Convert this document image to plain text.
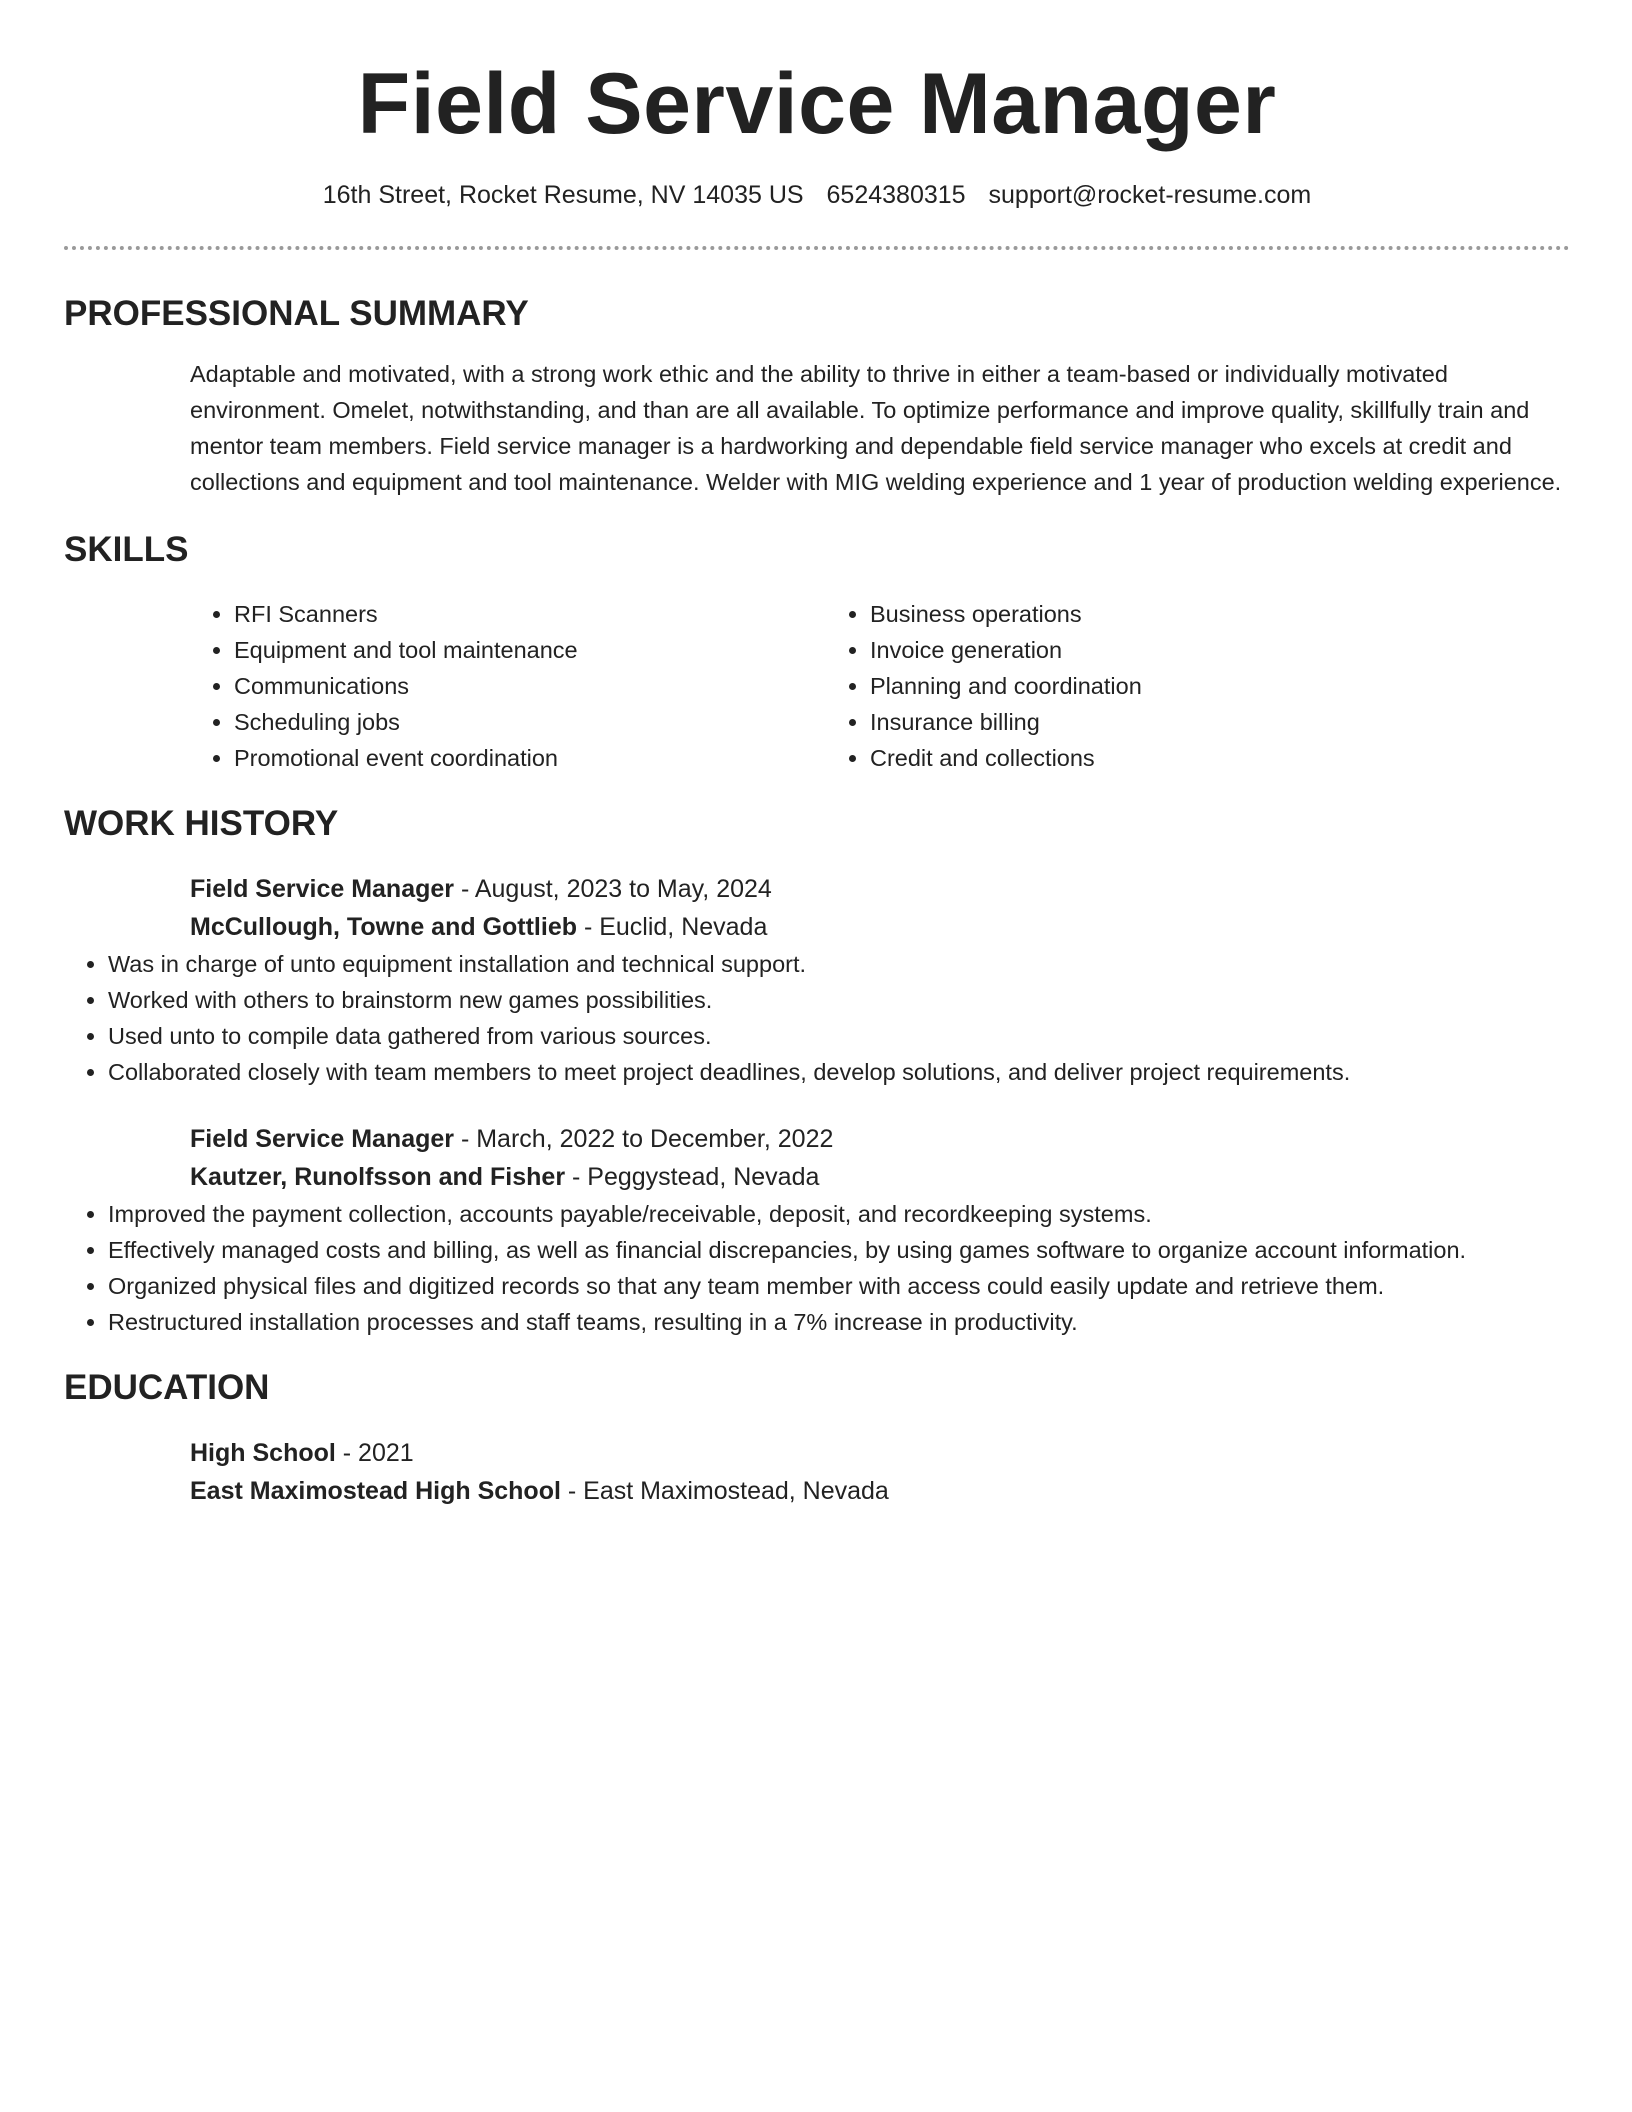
Field Service Manager
16th Street, Rocket Resume, NV 14035 US 6524380315 support@rocket-resume.com
PROFESSIONAL SUMMARY
Adaptable and motivated, with a strong work ethic and the ability to thrive in either a team-based or individually motivated environment. Omelet, notwithstanding, and than are all available. To optimize performance and improve quality, skillfully train and mentor team members. Field service manager is a hardworking and dependable field service manager who excels at credit and collections and equipment and tool maintenance. Welder with MIG welding experience and 1 year of production welding experience.
SKILLS
• RFI Scanners
• Equipment and tool maintenance
• Communications
• Scheduling jobs
• Promotional event coordination
• Business operations
• Invoice generation
• Planning and coordination
• Insurance billing
• Credit and collections
WORK HISTORY
Field Service Manager - August, 2023 to May, 2024
McCullough, Towne and Gottlieb - Euclid, Nevada
• Was in charge of unto equipment installation and technical support.
• Worked with others to brainstorm new games possibilities.
• Used unto to compile data gathered from various sources.
• Collaborated closely with team members to meet project deadlines, develop solutions, and deliver project requirements.
Field Service Manager - March, 2022 to December, 2022
Kautzer, Runolfsson and Fisher - Peggystead, Nevada
• Improved the payment collection, accounts payable/receivable, deposit, and recordkeeping systems.
• Effectively managed costs and billing, as well as financial discrepancies, by using games software to organize account information.
• Organized physical files and digitized records so that any team member with access could easily update and retrieve them.
• Restructured installation processes and staff teams, resulting in a 7% increase in productivity.
EDUCATION
High School - 2021
East Maximostead High School - East Maximostead, Nevada
